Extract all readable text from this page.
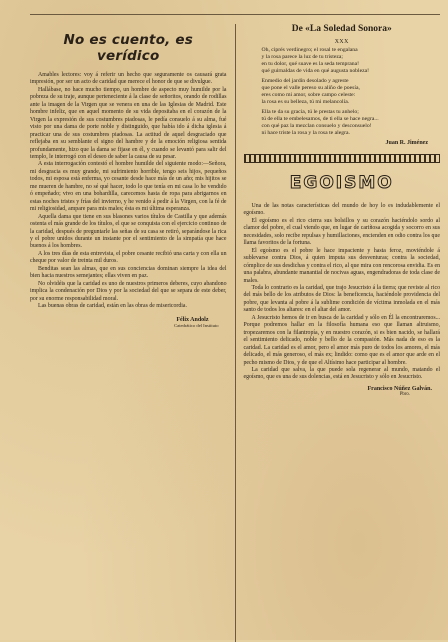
No es cuento, es verídico

Amables lectores: voy á referir un hecho que seguramente os causará grata impresión, por ser un acto de caridad que merece el honor de que se divulgue.

Hallábase, no hace mucho tiempo, un hombre de aspecto muy humilde por la pobreza de su traje, aunque perteneciente á la clase de señoritos, orando de rodillas ante la imagen de la Virgen que se venera en una de las Iglesias de Madrid. Este hombre infeliz, que en aquel momento de su vida depositaba en el corazón de la Virgen la expresión de sus costumbres piadosas, le pedía consuelo á su alma, fué visto por una dama de porte noble y distinguido, que había ido á dicha iglesia á practicar una de sus costumbres piadosas. La actitud de aquel desgraciado que reflejaba en su semblante el signo del hambre y de la emoción religiosa sentida profundamente, hizo que la dama se fijase en él, y cuando se levantó para salir del templo, le interrogó con el deseo de saber la causa de su pesar.

A esta interrogación contestó el hombre humilde del siguiente modo:—Señora, mi desgracia es muy grande, mi sufrimiento horrible, tengo seis hijos, pequeños todos, mi esposa está enferma, yo cesante desde hace más de un año; mis hijitos se me mueren de hambre, no sé qué hacer, todo lo que tenía en mi casa lo he vendido ó empeñado; vivo en una bohardilla, carecemos hasta de ropa para abrigarnos en estas noches tristes y frías del invierno, y he venido á pedir á la Virgen, con la fé de mi religiosidad, ampare para mis males; ésta es mi última esperanza.

Aquella dama que tiene en sus blasones varios títulos de Castilla y que además ostenta el más grande de los títulos, el que se conquista con el ejercicio continuo de la caridad, después de preguntarle las señas de su casa se retiró, separándose la rica y el pobre unidos durante un instante por el sentimiento de la simpatía que hace buenos á los hombres.

A los tres días de esta entrevista, el pobre cesante recibió una carta y con ella un cheque por valor de treinta mil duros.

Benditas sean las almas, que en sus conciencias dominan siempre la idea del bien hacia nuestros semejantes; ellas viven en paz.

No olvidéis que la caridad es uno de nuestros primeros deberes, cuyo abandono implica la condenación por Dios y por la sociedad del que se separa de este deber, por su enorme responsabilidad moral.

Las buenas obras de caridad, están en las obras de misericordia.

Félix Andolz
Catedrático del Instituto
De «La Soledad Sonora»
XXX
Oh, ciprés verdinegro; el rosal te engalana
y la rosa parece la luz de tu tristeza;
en tu dolor, qué suave es la seda temprana!
qué guirnaldas de vida en qué augusta nobleza!
Enmedio del jardín desolado y agreste
que pone el valle pereso su aliño de poesía,
eres como mi amor, sobre campo celeste:
la rosa es su belleza, tú mi melancolía.
Ella te da su gracia, tú le prestas tu anhelo;
tú de ella te embelesamos, de ti ella se hace negra...
con qué paz la mezclan consuelo y desconsuelo!
ni hace triste la rosa y la rosa te alegra.
Juan R. Jiménez
EGOISMO

Una de las notas características del mundo de hoy lo es indudablemente el egoísmo.

El egoísmo es el rico cierra sus bolsillos y su corazón haciéndolo sordo al clamor del pobre, el cual viendo que, en lugar de cariñosa acogida y socorro en sus necesidades, solo recibe repulsas y humillaciones, encienden en odio contra los que llama favoritos de la fortuna.

El egoísmo es el pobre le hace impaciente y hasta feroz, moviéndole á sublevarse contra Dios, á quien imputa sus desventuras; contra la sociedad, cómplice de sus desdichas y contra el rico, al que mira con rencorosa envidia. Es en una palabra, abundante manantial de nocivas aguas, engendradoras de toda clase de males.

Toda lo contrario es la caridad, que trajo Jesucristo á la tierra; que reviste al rico del más bello de los atributos de Dios: la beneficencia, haciéndole providencia del pobre, que levanta al pobre á la sublime condición de víctima inmolada en el más santo de todos los altares: en el altar del amor.

A Jesucristo hemos de ir en busca de la caridad y sólo en Él la encontraremos... Porque podremos hallar en la filosofía humana eso que llaman altruismo, tropezaremos con la filantropía, y en nuestro corazón, si es bien nacido, se hallará el sentimiento delicado, noble y bello de la compasión. Más nada de eso es la caridad. La caridad es el amor, pero el amor más puro de todos los amores, el más delicado, el más generoso, el más ex; lindido: como que es el amor que arde en el pecho mismo de Dios, y de que el Altísimo hace participar al hombre.

La caridad que salva, la que puede sola regenerar al mundo, matando el egoísmo, que es una de sus dolencias, está en Jesucristo y sólo en Jesucristo.

Francisco Núñez Galván.
Pbro.
